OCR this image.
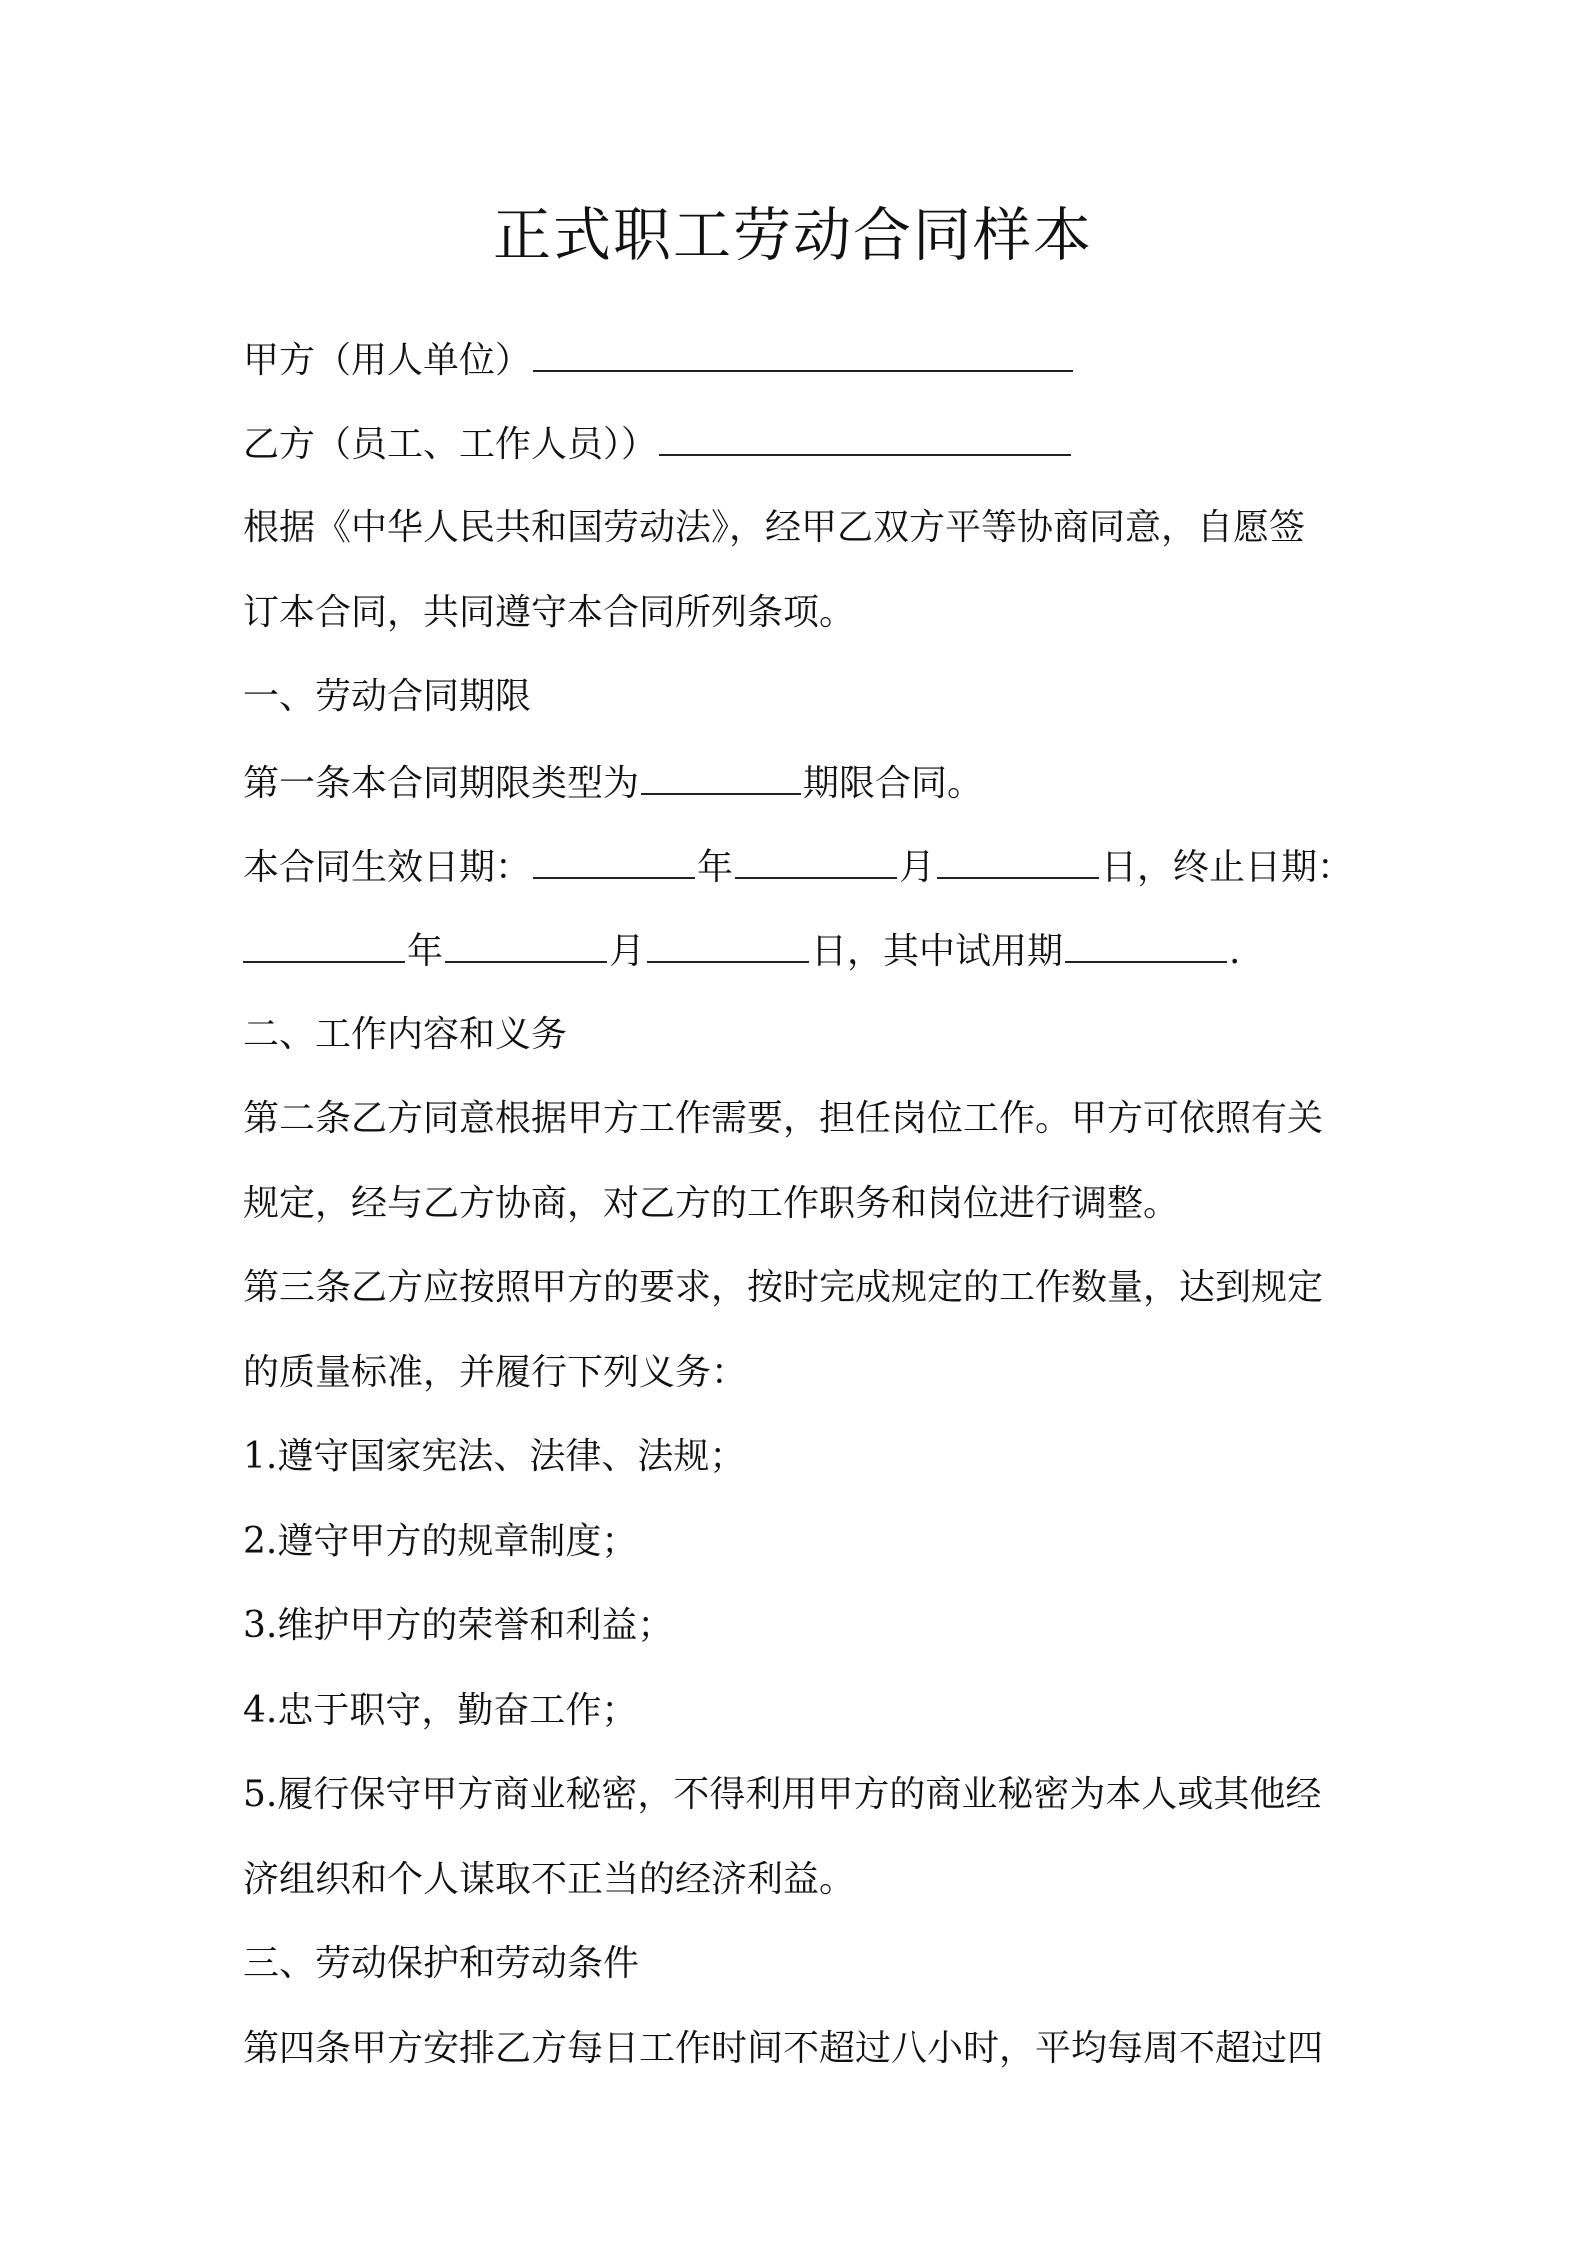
正式职工劳动合同样本
甲方（用人单位）
乙方（员工、工作人员））
根据《中华人民共和国劳动法》，经甲乙双方平等协商同意，自愿签
订本合同，共同遵守本合同所列条项。
一、劳动合同期限
第一条本合同期限类型为	期限合同。
本合同生效日期：	年	月	日，终止日期：
年	月	日，其中试用期	.
二、工作内容和义务
第二条乙方同意根据甲方工作需要，担任岗位工作。甲方可依照有关
规定，经与乙方协商，对乙方的工作职务和岗位进行调整。
第三条乙方应按照甲方的要求，按时完成规定的工作数量，达到规定
的质量标准，并履行下列义务：
1.遵守国家宪法、法律、法规；
2.遵守甲方的规章制度；
3.维护甲方的荣誉和利益；
4.忠于职守，勤奋工作；
5.履行保守甲方商业秘密，不得利用甲方的商业秘密为本人或其他经
济组织和个人谋取不正当的经济利益。
三、劳动保护和劳动条件
第四条甲方安排乙方每日工作时间不超过八小时，平均每周不超过四
